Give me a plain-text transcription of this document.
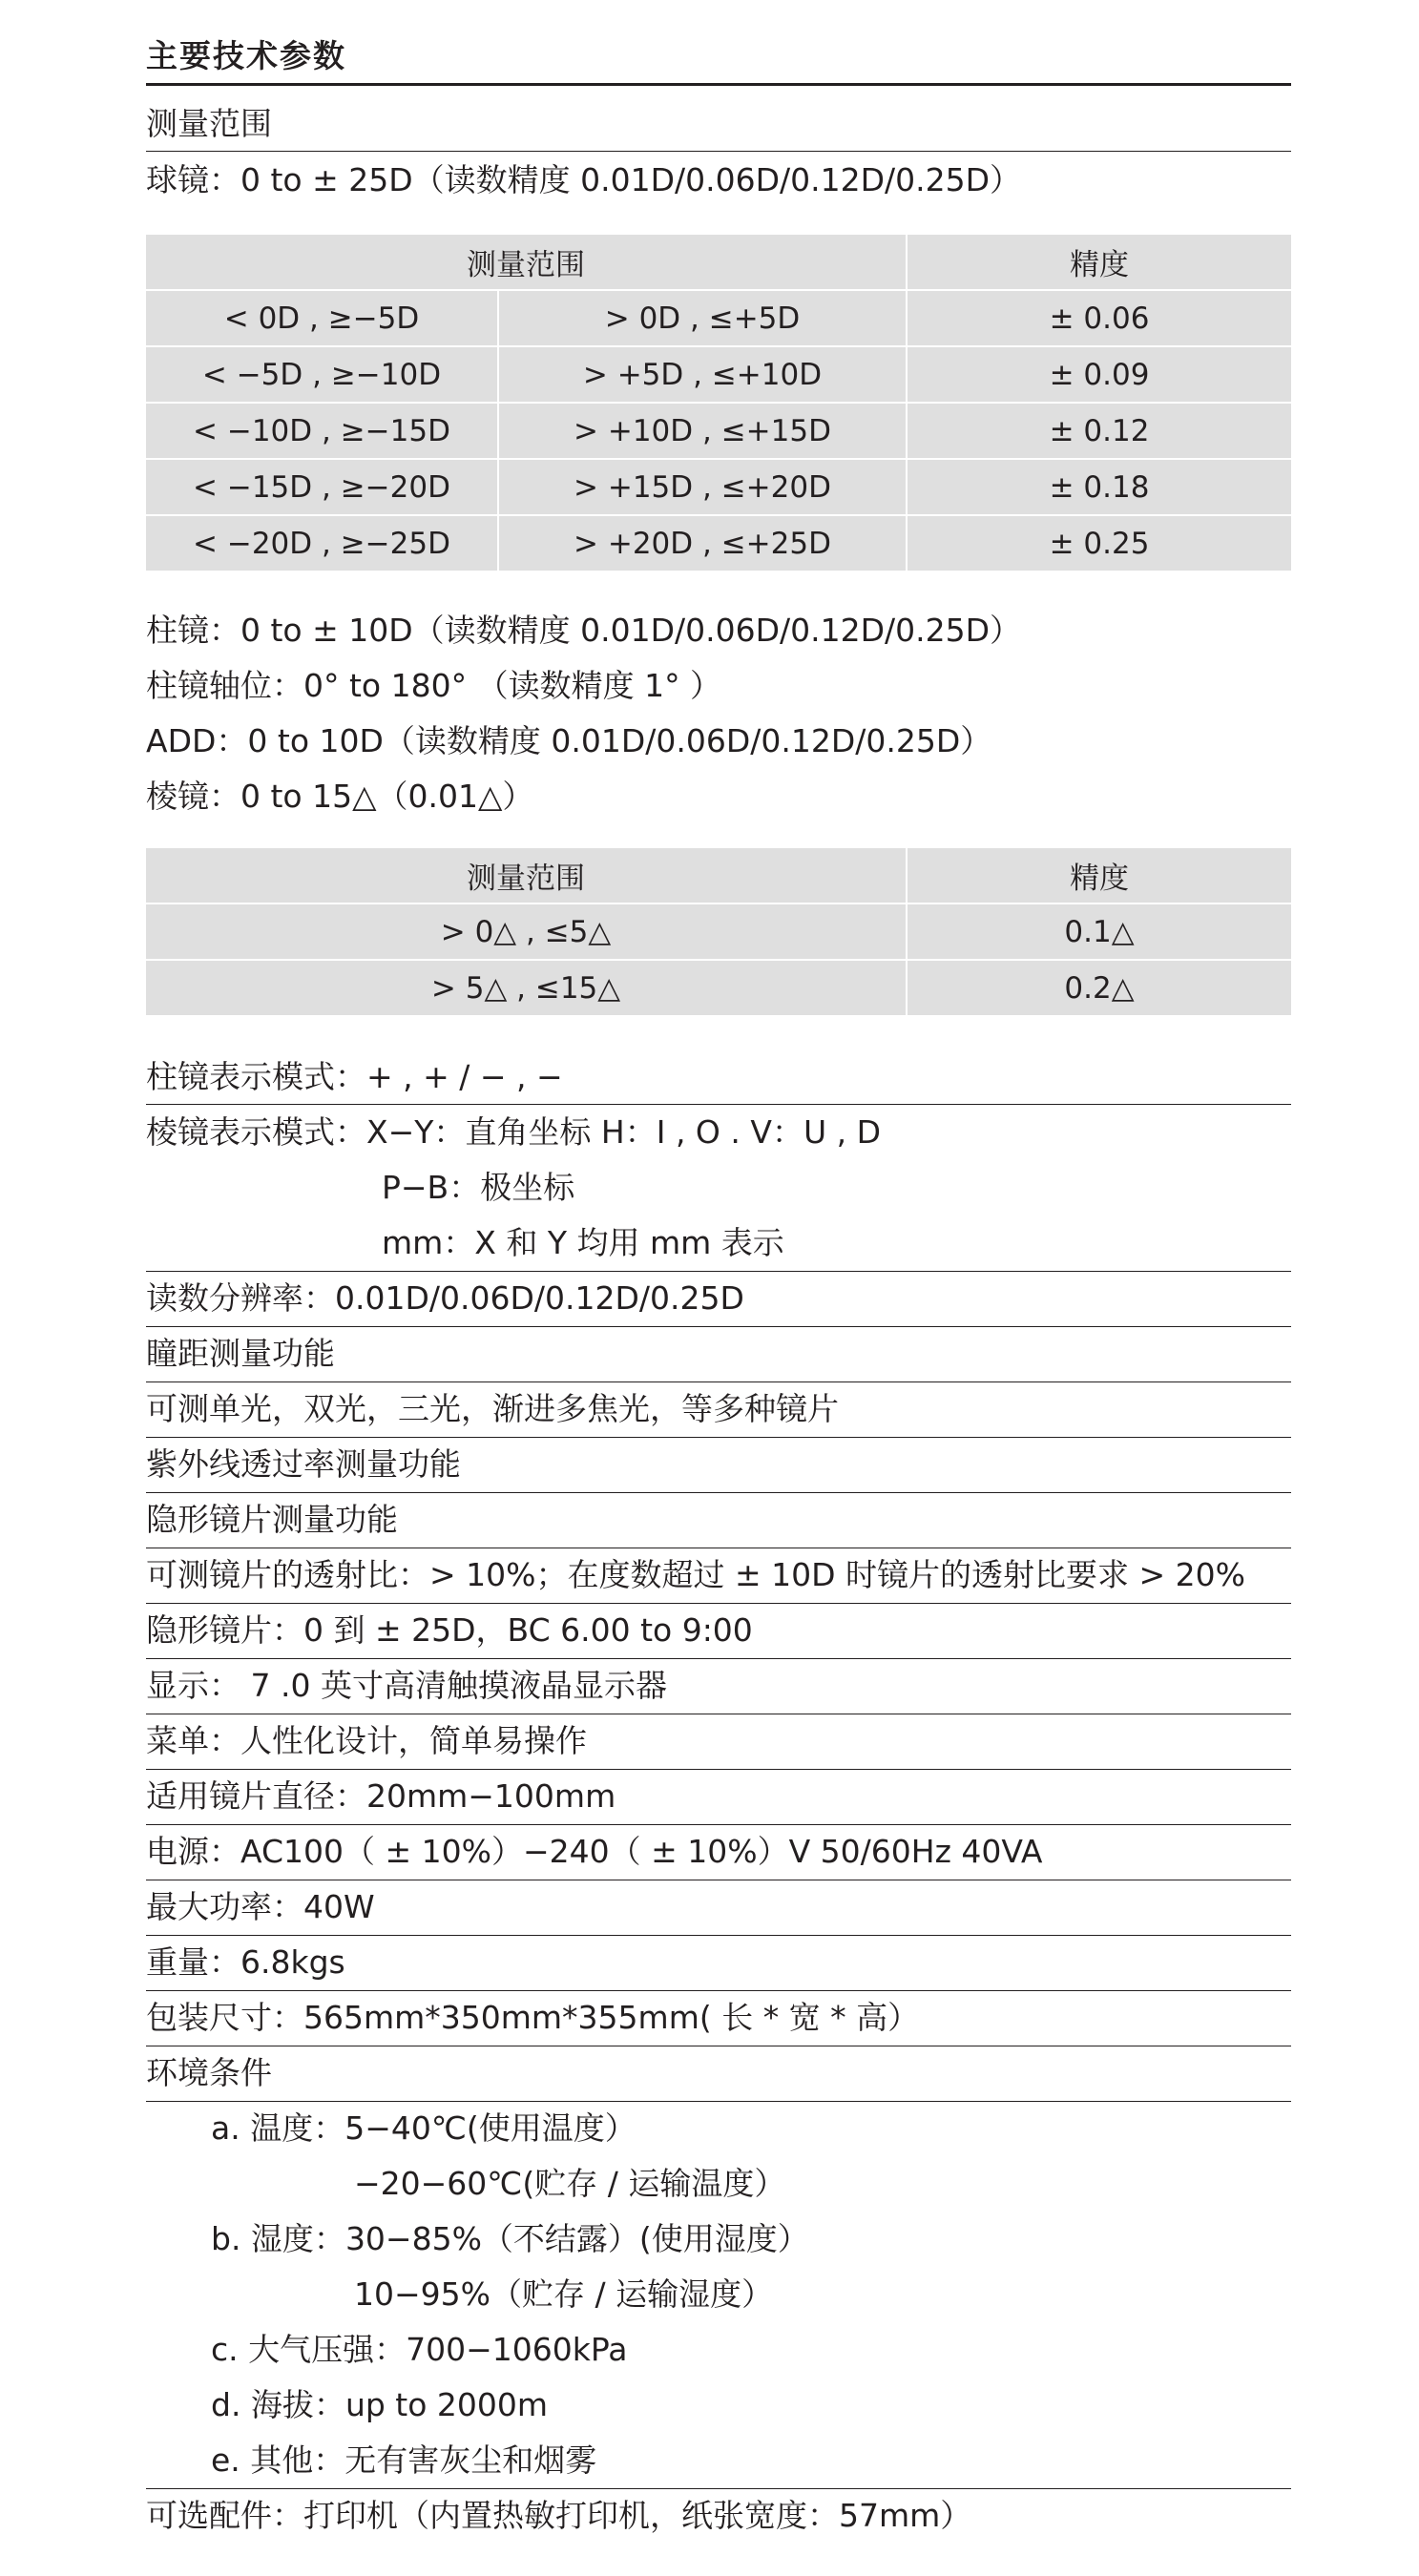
主要技术参数
测量范围
球镜：0 to ± 25D（读数精度 0.01D/0.06D/0.12D/0.25D）
测量范围		精度
< 0D , ≥−5D	> 0D , ≤+5D	± 0.06
< −5D , ≥−10D	> +5D , ≤+10D	± 0.09
< −10D , ≥−15D	> +10D , ≤+15D	± 0.12
< −15D , ≥−20D	> +15D , ≤+20D	± 0.18
< −20D , ≥−25D	> +20D , ≤+25D	± 0.25
柱镜：0 to ± 10D（读数精度 0.01D/0.06D/0.12D/0.25D）
柱镜轴位：0° to 180° （读数精度 1° ）
ADD：0 to 10D（读数精度 0.01D/0.06D/0.12D/0.25D）
棱镜：0 to 15△（0.01△）
测量范围	精度
> 0△ , ≤5△	0.1△
> 5△ , ≤15△	0.2△
柱镜表示模式：+ , + / − , −
棱镜表示模式：X−Y：直角坐标 H：I , O . V：U , D
P−B：极坐标
mm：X 和 Y 均用 mm 表示
读数分辨率：0.01D/0.06D/0.12D/0.25D
瞳距测量功能
可测单光，双光，三光，渐进多焦光，等多种镜片
紫外线透过率测量功能
隐形镜片测量功能
可测镜片的透射比：> 10%；在度数超过 ± 10D 时镜片的透射比要求 > 20%
隐形镜片：0 到 ± 25D，BC 6.00 to 9:00
显示： 7 .0 英寸高清触摸液晶显示器
菜单：人性化设计，简单易操作
适用镜片直径：20mm−100mm
电源：AC100（ ± 10%）−240（ ± 10%）V 50/60Hz 40VA
最大功率：40W
重量：6.8kgs
包装尺寸：565mm*350mm*355mm( 长 * 宽 * 高）
环境条件
a. 温度：5−40℃(使用温度）
−20−60℃(贮存 / 运输温度）
b. 湿度：30−85%（不结露）(使用湿度）
10−95%（贮存 / 运输湿度）
c. 大气压强：700−1060kPa
d. 海拔：up to 2000m
e. 其他：无有害灰尘和烟雾
可选配件：打印机（内置热敏打印机，纸张宽度：57mm）
